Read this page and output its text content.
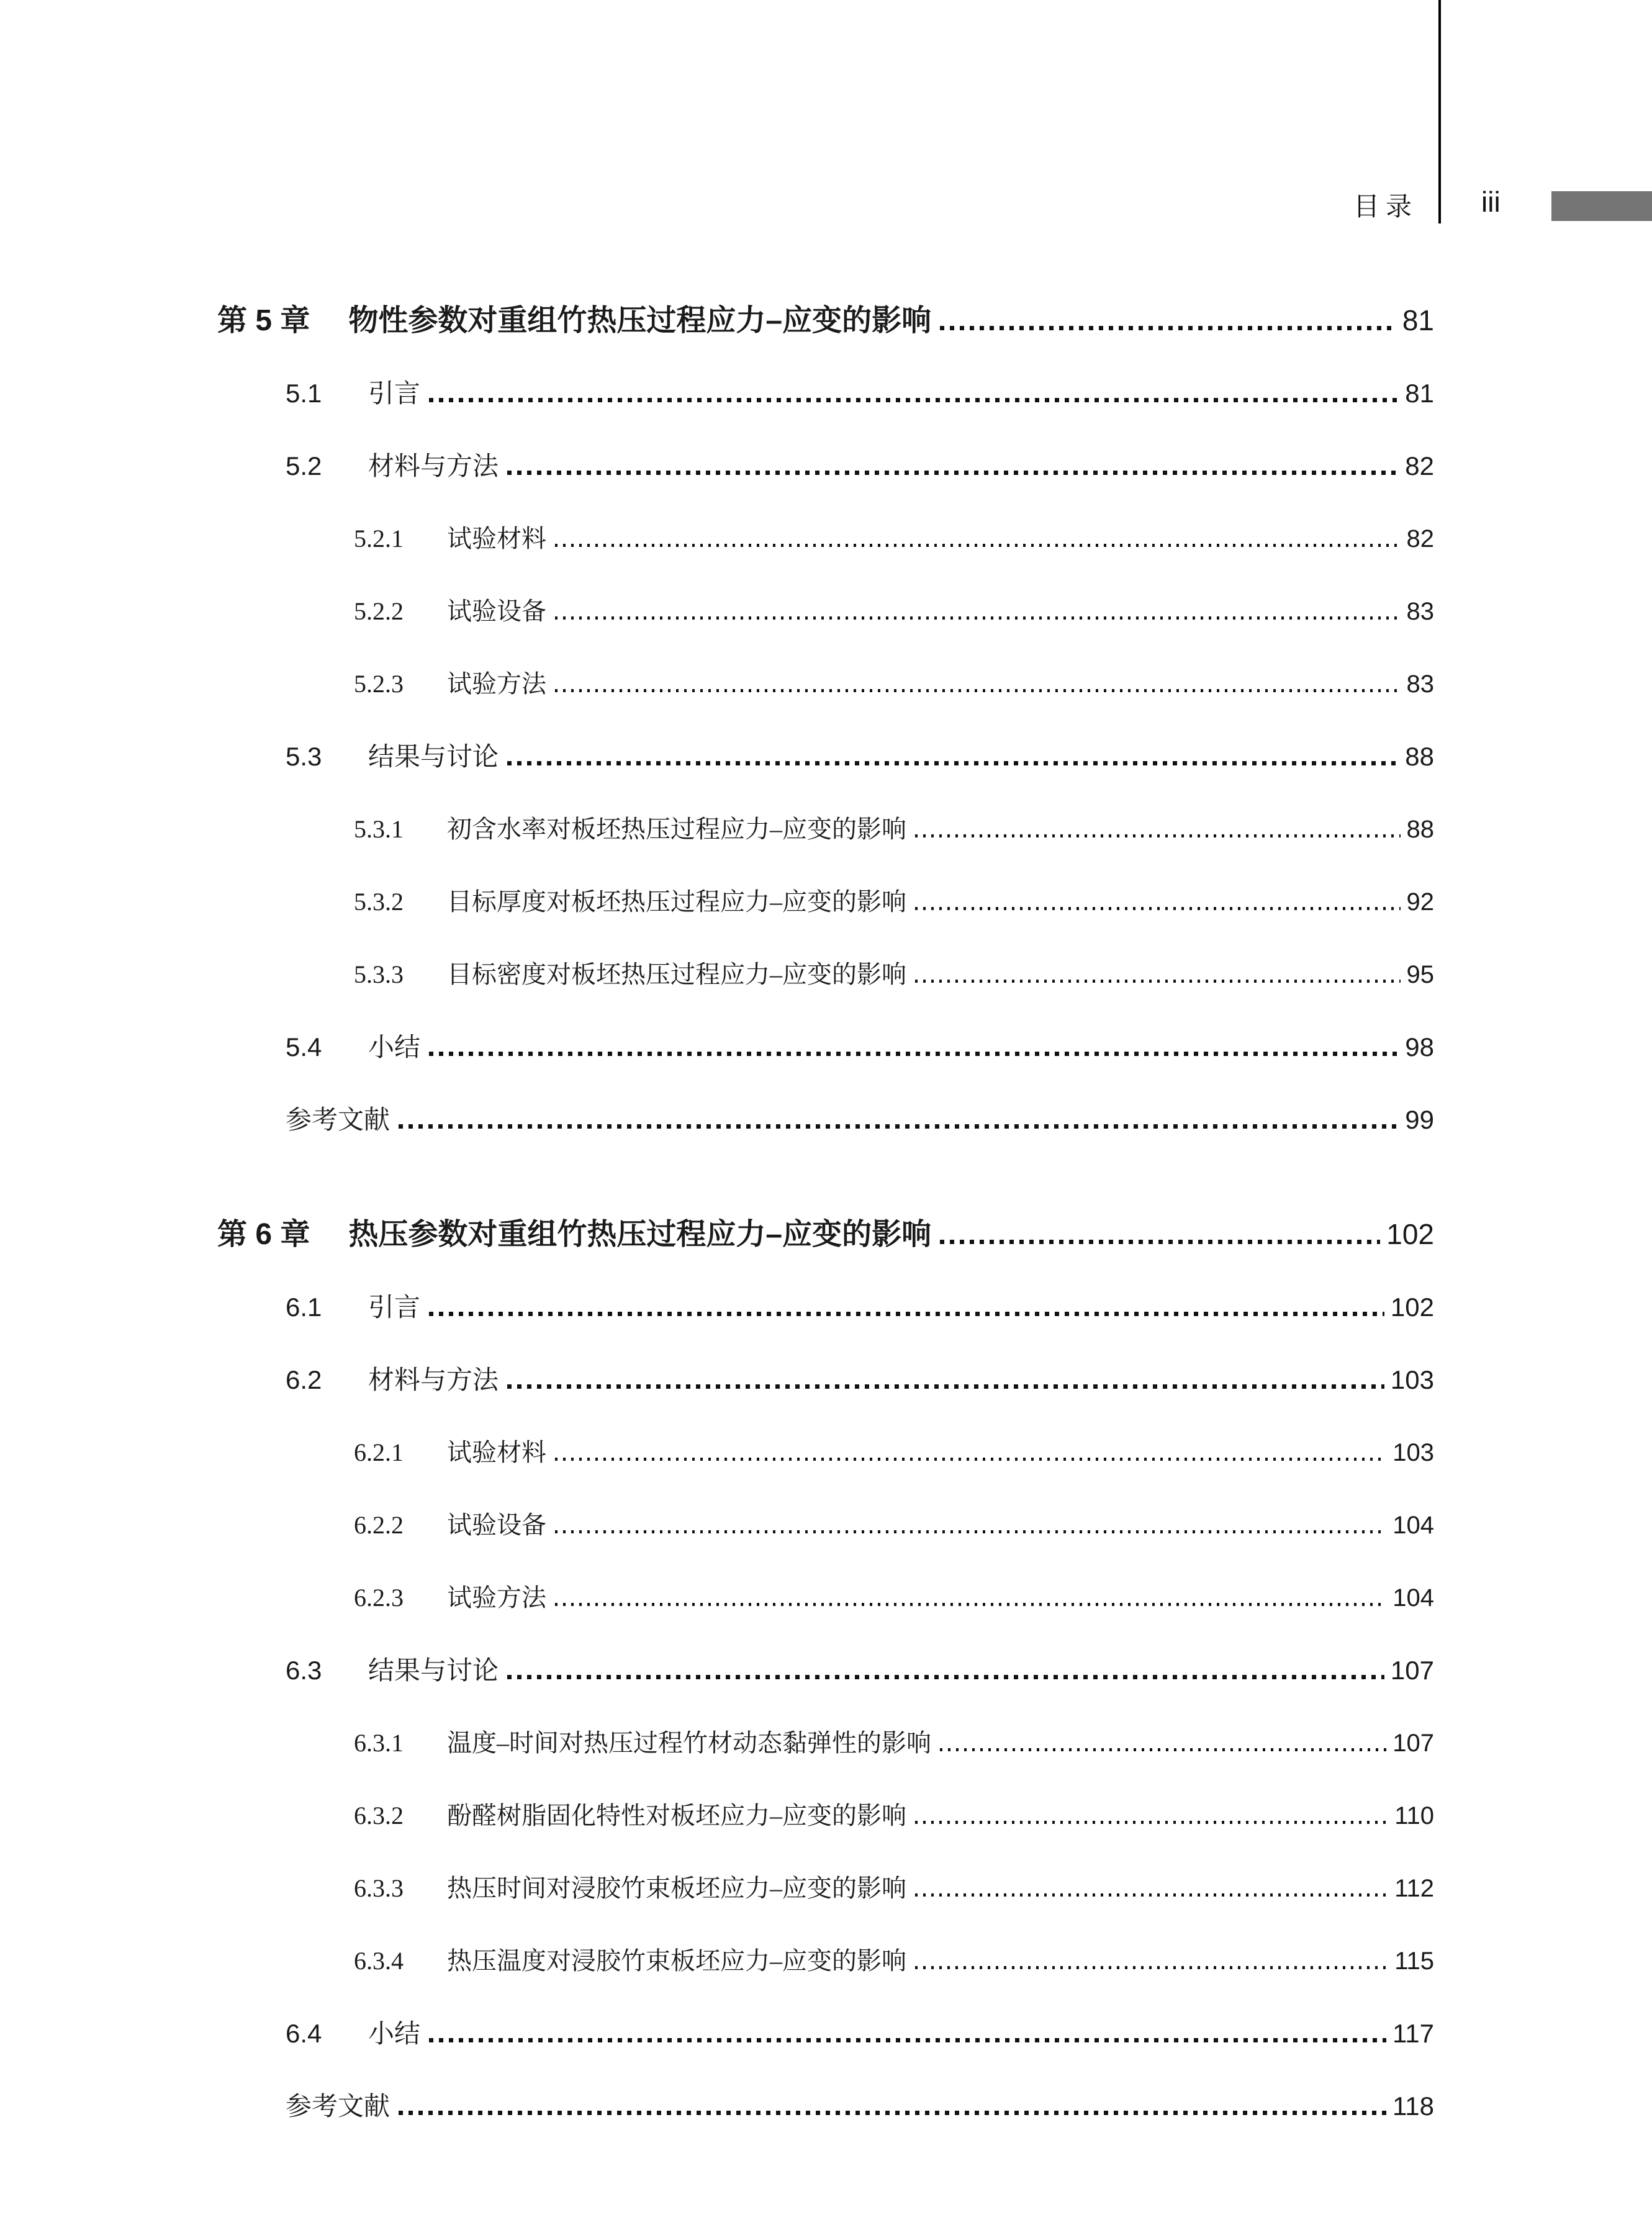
目录 iii
第 5 章 物性参数对重组竹热压过程应力–应变的影响	81
5.1	引言	81
5.2	材料与方法	82
5.2.1	试验材料	82
5.2.2	试验设备	83
5.2.3	试验方法	83
5.3	结果与讨论	88
5.3.1	初含水率对板坯热压过程应力–应变的影响	88
5.3.2	目标厚度对板坯热压过程应力–应变的影响	92
5.3.3	目标密度对板坯热压过程应力–应变的影响	95
5.4	小结	98
参考文献	99
第 6 章 热压参数对重组竹热压过程应力–应变的影响	102
6.1	引言	102
6.2	材料与方法	103
6.2.1	试验材料	103
6.2.2	试验设备	104
6.2.3	试验方法	104
6.3	结果与讨论	107
6.3.1	温度–时间对热压过程竹材动态黏弹性的影响	107
6.3.2	酚醛树脂固化特性对板坯应力–应变的影响	110
6.3.3	热压时间对浸胶竹束板坯应力–应变的影响	112
6.3.4	热压温度对浸胶竹束板坯应力–应变的影响	115
6.4	小结	117
参考文献	118
